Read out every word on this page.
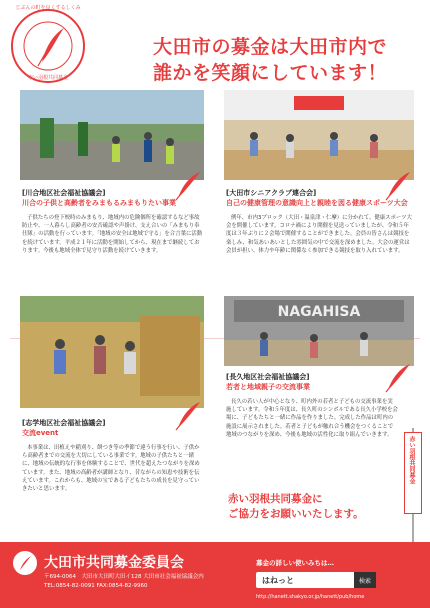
じぶんの町を良くするしくみ
赤い羽根共同募金
大田市の募金は大田市内で
誰かを笑顔にしています！
[川合地区社会福祉協議会]
川合の子供と高齢者をみまもるみまもりたい事業
子供たちの登下校時のみまもり、地域内の危険個所を確認するなど事故防止や、一人暮らし高齢者の安否確認や声掛け、支え合いの「みまもり奉仕隊」の活動を行っています。「地域の安全は地域で守る」を合言葉に活動を続けています。平成２１年に活動を開始してから、現在まで継続しております。今後も地域全体で見守り活動を続けていきます。
[大田市シニアクラブ連合会]
自己の健康管理の意識向上と親睦を図る健康スポーツ大会
例年、市内3ブロック（大田・温泉津・仁摩）に分かれて、健康スポーツ大会を開催しています。コロナ禍により開催を見送っていましたが、令和５年度は３年ぶりに２会場で開催することができました。会員の皆さんは競技を楽しみ、和気あいあいとした雰囲気の中で交流を深めました。大会の運営は会員が担い、体力や年齢に関係なく参加できる競技を取り入れています。
[志学地区社会福祉協議会]
交流event
本事業は、田植えや稲刈り、餅つき等の季節で違う行事を行い、子供から高齢者までの交流を大切にしている事業です。地域の子供たちと一緒に、地域の伝統的な行事を体験することで、世代を超えたつながりを深めています。また、地域の高齢者が講師となり、昔ながらの知恵や技術を伝えています。これからも、地域の宝である子どもたちの成長を見守っていきたいと思います。
NAGAHISA
[長久地区社会福祉協議会]
若者と地域親子の交流事業
長久の若い人が中心となり、町内外の若者と子どもの交流事業を実施しています。令和５年度は、長久町のシンボルである長久小学校を会場に、子どもたちと一緒に作品を作りました。完成した作品は町内の施設に展示されました。若者と子どもが触れ合う機会をつくることで地域のつながりを深め、今後も地域の活性化に取り組んでいきます。
赤い羽根共同募金に
ご協力をお願いいたします。
赤い羽根共同募金
大田市共同募金委員会
〒694-0064　大田市大田町大田イ128 大田市社会福祉協議会内
TEL:0854-82-0091 FAX:0854-82-9960
募金の詳しい使いみちは…
はねっと	検索
http://hanett.shakyo.or.jp/hanett/pub/home
